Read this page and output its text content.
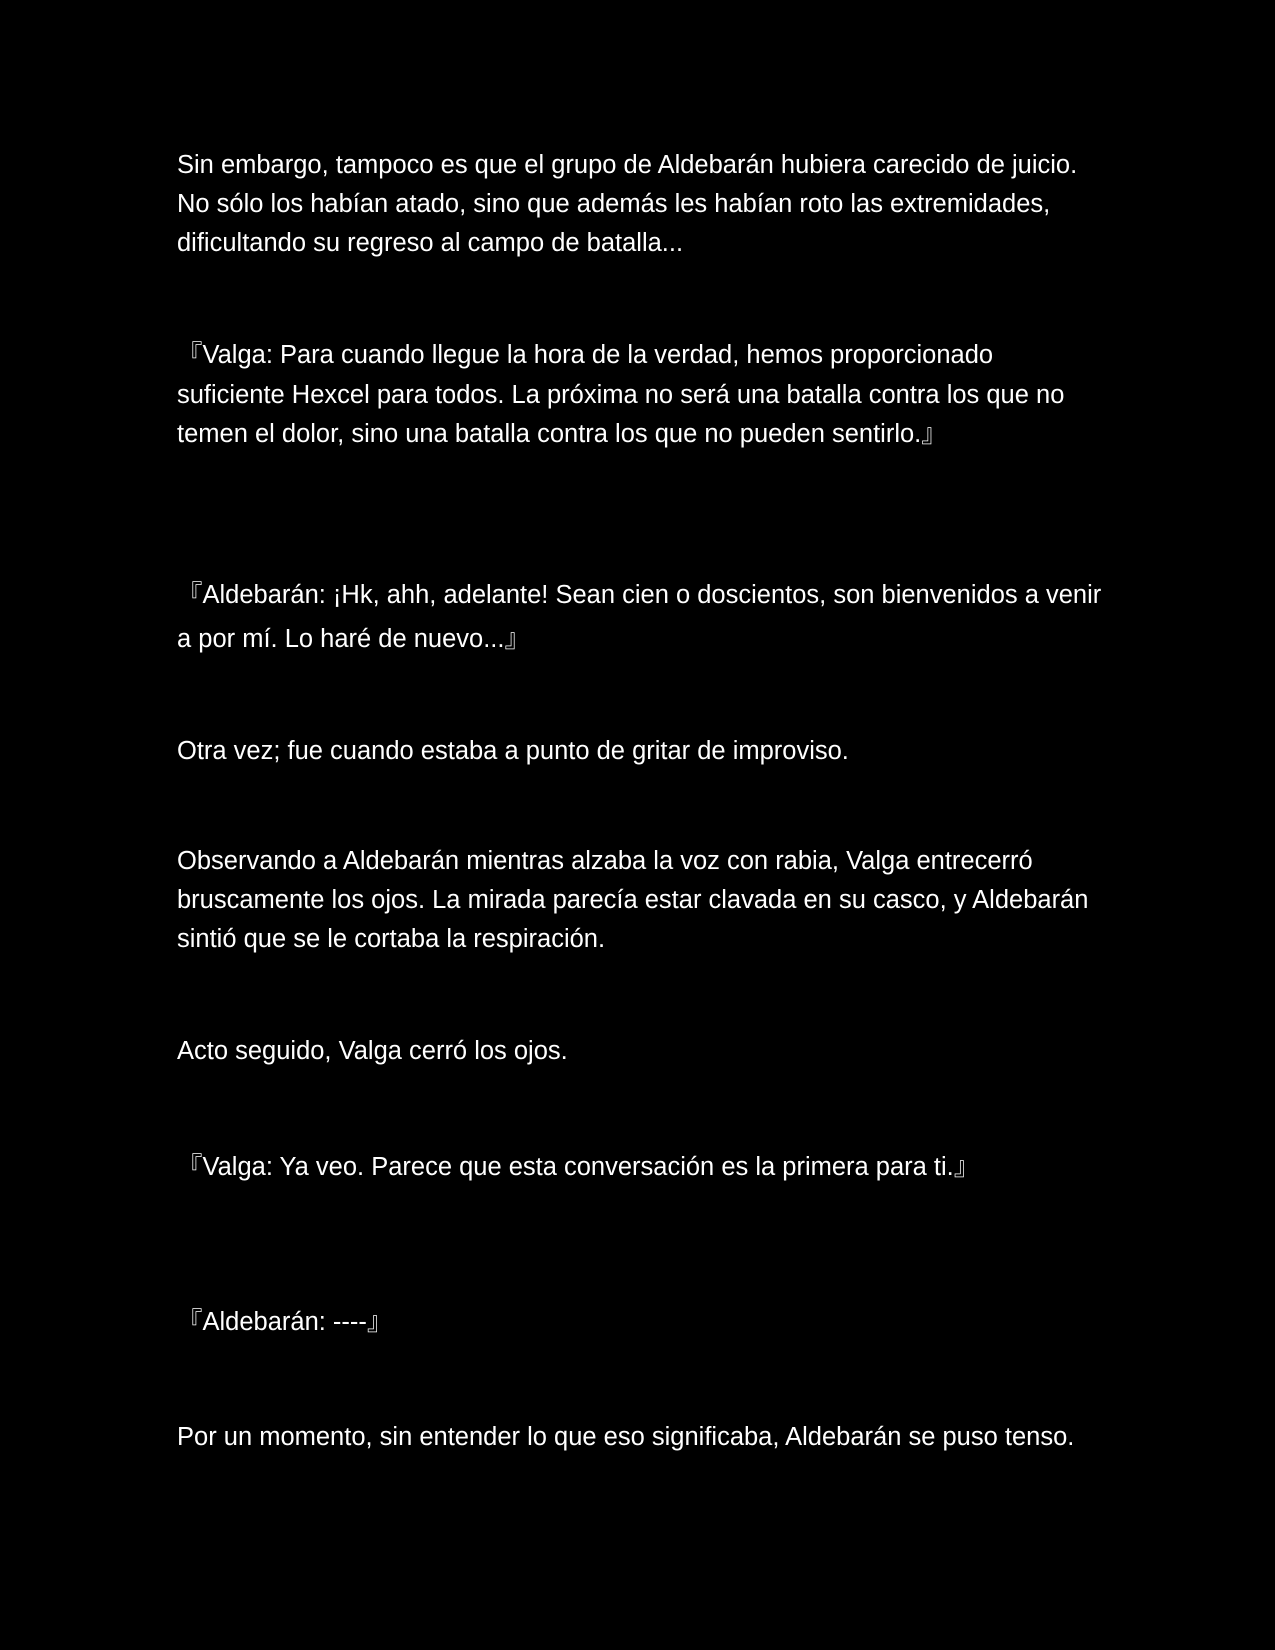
Sin embargo, tampoco es que el grupo de Aldebarán hubiera carecido de juicio. No sólo los habían atado, sino que además les habían roto las extremidades, dificultando su regreso al campo de batalla...

『Valga: Para cuando llegue la hora de la verdad, hemos proporcionado suficiente Hexcel para todos. La próxima no será una batalla contra los que no temen el dolor, sino una batalla contra los que no pueden sentirlo.』

『Aldebarán: ¡Hk, ahh, adelante! Sean cien o doscientos, son bienvenidos a venir a por mí. Lo haré de nuevo...』

Otra vez; fue cuando estaba a punto de gritar de improviso.

Observando a Aldebarán mientras alzaba la voz con rabia, Valga entrecerró bruscamente los ojos. La mirada parecía estar clavada en su casco, y Aldebarán sintió que se le cortaba la respiración.

Acto seguido, Valga cerró los ojos.

『Valga: Ya veo. Parece que esta conversación es la primera para ti.』

『Aldebarán: ----』

Por un momento, sin entender lo que eso significaba, Aldebarán se puso tenso.
